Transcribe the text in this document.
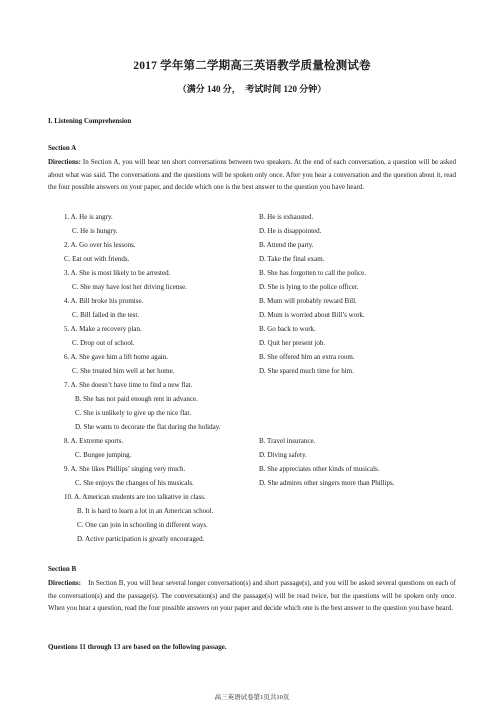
2017 学年第二学期高三英语教学质量检测试卷
（满分 140 分，　考试时间 120 分钟）
I. Listening Comprehension
Section A
Directions: In Section A, you will hear ten short conversations between two speakers. At the end of each conversation, a question will be asked about what was said. The conversations and the questions will be spoken only once. After you hear a conversation and the question about it, read the four possible answers on your paper, and decide which one is the best answer to the question you have heard.
1. A. He is angry.	B. He is exhausted.
C. He is hungry.	D. He is disappointed.
2. A. Go over his lessons.	B. Attend the party.
C. Eat out with friends.	D. Take the final exam.
3. A. She is most likely to be arrested.	B. She has forgotten to call the police.
C. She may have lost her driving license.	D. She is lying to the police officer.
4. A. Bill broke his promise.	B. Mum will probably reward Bill.
C. Bill failed in the test.	D. Mum is worried about Bill’s work.
5. A. Make a recovery plan.	B. Go back to work.
C. Drop out of school.	D. Quit her present job.
6. A. She gave him a lift home again.	B. She offered him an extra room.
C. She treated him well at her home.	D. She spared much time for him.
7. A. She doesn’t have time to find a new flat.
B. She has not paid enough rent in advance.
C. She is unlikely to give up the nice flat.
D. She wants to decorate the flat during the holiday.
8. A. Extreme sports.	B. Travel insurance.
C. Bungee jumping.	D. Diving safety.
9. A. She likes Phillips’ singing very much.	B. She appreciates other kinds of musicals.
C. She enjoys the changes of his musicals.	D. She admires other singers more than Phillips.
10. A. American students are too talkative in class.
B. It is hard to learn a lot in an American school.
C. One can join in schooling in different ways.
D. Active participation is greatly encouraged.
Section B
Directions:　In Section B, you will hear several longer conversation(s) and short passage(s), and you will be asked several questions on each of the conversation(s) and the passage(s). The conversation(s) and the passage(s) will be read twice, but the questions will be spoken only once. When you hear a question, read the four possible answers on your paper and decide which one is the best answer to the question you have heard.
Questions 11 through 13 are based on the following passage.
高三英语试卷第1页共10页
